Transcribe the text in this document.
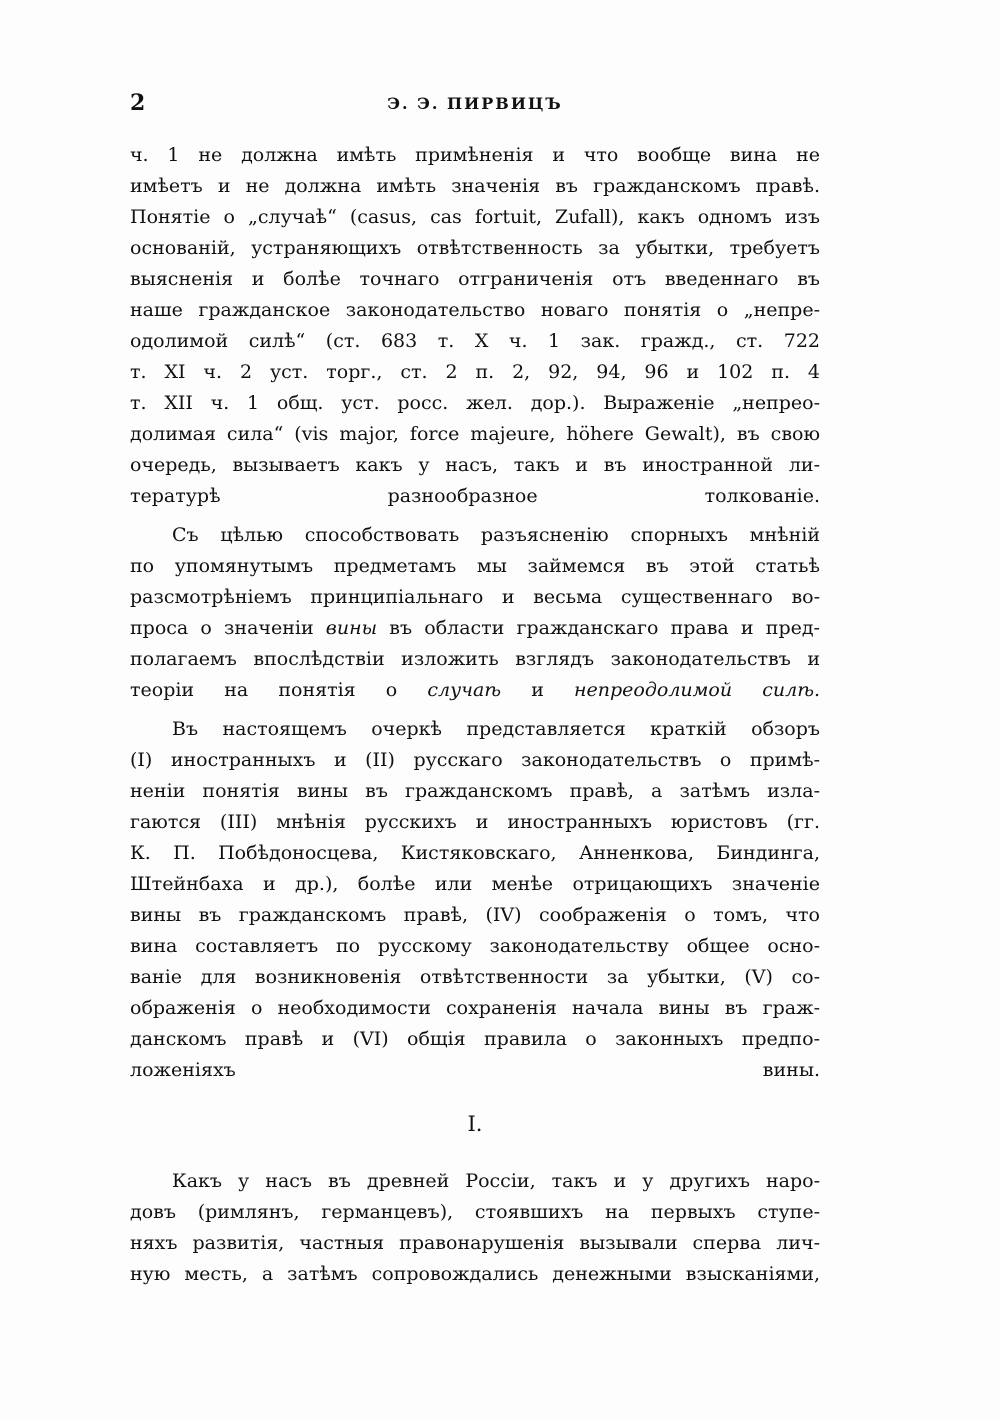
2	Э. Э. ПИРВИЦЪ
ч. 1 не должна имѣть примѣненія и что вообще вина не
имѣетъ и не должна имѣть значенія въ гражданскомъ правѣ.
Понятіе о „случаѣ“ (casus, cas fortuit, Zufall), какъ одномъ изъ
основаній, устраняющихъ отвѣтственность за убытки, требуетъ
выясненія и болѣе точнаго отграниченія отъ введеннаго въ
наше гражданское законодательство новаго понятія о „непре-
одолимой силѣ“ (ст. 683 т. X ч. 1 зак. гражд., ст. 722
т. XI ч. 2 уст. торг., ст. 2 п. 2, 92, 94, 96 и 102 п. 4
т. XII ч. 1 общ. уст. росс. жел. дор.). Выраженіе „непрео-
долимая сила“ (vis major, force majeure, höhere Gewalt), въ свою
очередь, вызываетъ какъ у насъ, такъ и въ иностранной ли-
тературѣ разнообразное толкованіе.
Съ цѣлью способствовать разъясненію спорныхъ мнѣній
по упомянутымъ предметамъ мы займемся въ этой статьѣ
разсмотрѣніемъ принципіальнаго и весьма существеннаго во-
проса о значеніи вины въ области гражданскаго права и пред-
полагаемъ впослѣдствіи изложить взглядъ законодательствъ и
теоріи на понятія о случаѣ и непреодолимой силѣ.
Въ настоящемъ очеркѣ представляется краткій обзоръ
(I) иностранныхъ и (II) русскаго законодательствъ о примѣ-
неніи понятія вины въ гражданскомъ правѣ, а затѣмъ изла-
гаются (III) мнѣнія русскихъ и иностранныхъ юристовъ (гг.
К. П. Побѣдоносцева, Кистяковскаго, Анненкова, Биндинга,
Штейнбаха и др.), болѣе или менѣе отрицающихъ значеніе
вины въ гражданскомъ правѣ, (IV) соображенія о томъ, что
вина составляетъ по русскому законодательству общее осно-
ваніе для возникновенія отвѣтственности за убытки, (V) со-
ображенія о необходимости сохраненія начала вины въ граж-
данскомъ правѣ и (VI) общія правила о законныхъ предпо-
ложеніяхъ вины.
I.
Какъ у насъ въ древней Россіи, такъ и у другихъ наро-
довъ (римлянъ, германцевъ), стоявшихъ на первыхъ ступе-
няхъ развитія, частныя правонарушенія вызывали сперва лич-
ную месть, а затѣмъ сопровождались денежными взысканіями,
